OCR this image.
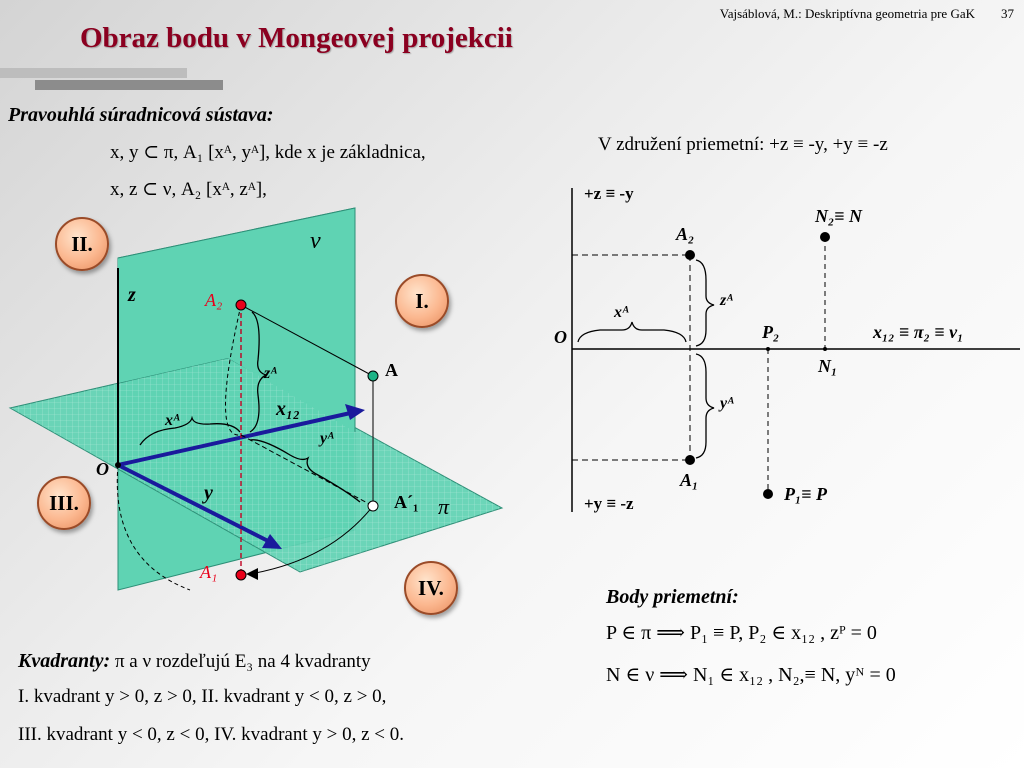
Vajsáblová, M.: Deskriptívna geometria pre GaK 37
Obraz bodu v Mongeovej projekcii
Pravouhlá súradnicová sústava:
x, y ⊂ π, A₁ [xᴬ, yᴬ], kde x je základnica,
x, z ⊂ ν, A₂ [xᴬ, zᴬ],
ν
z	A₂
A
zᴬ
xᴬ
x₁₂
yᴬ
O
y	A´₁ π
A₁
II.
I.
III.
IV.
V združení priemetní: +z ≡ -y, +y ≡ -z
+z ≡ -y
+y ≡ -z
A₂
zᴬ
xᴬ
O	P₂	x₁₂ ≡ π₂ ≡ ν₁
N₂≡ N
N₁
yᴬ
A₁
P₁≡ P
Body priemetní:
P ∈ π ⟹ P₁ ≡ P, P₂ ∈ x₁₂ , zᴾ = 0
N ∈ ν ⟹ N₁ ∈ x₁₂ , N₂,≡ N, yᴺ = 0
Kvadranty: π a ν rozdeľujú E₃ na 4 kvadranty
I. kvadrant y > 0, z > 0, II. kvadrant y < 0, z > 0,
III. kvadrant y < 0, z < 0, IV. kvadrant y > 0, z < 0.
